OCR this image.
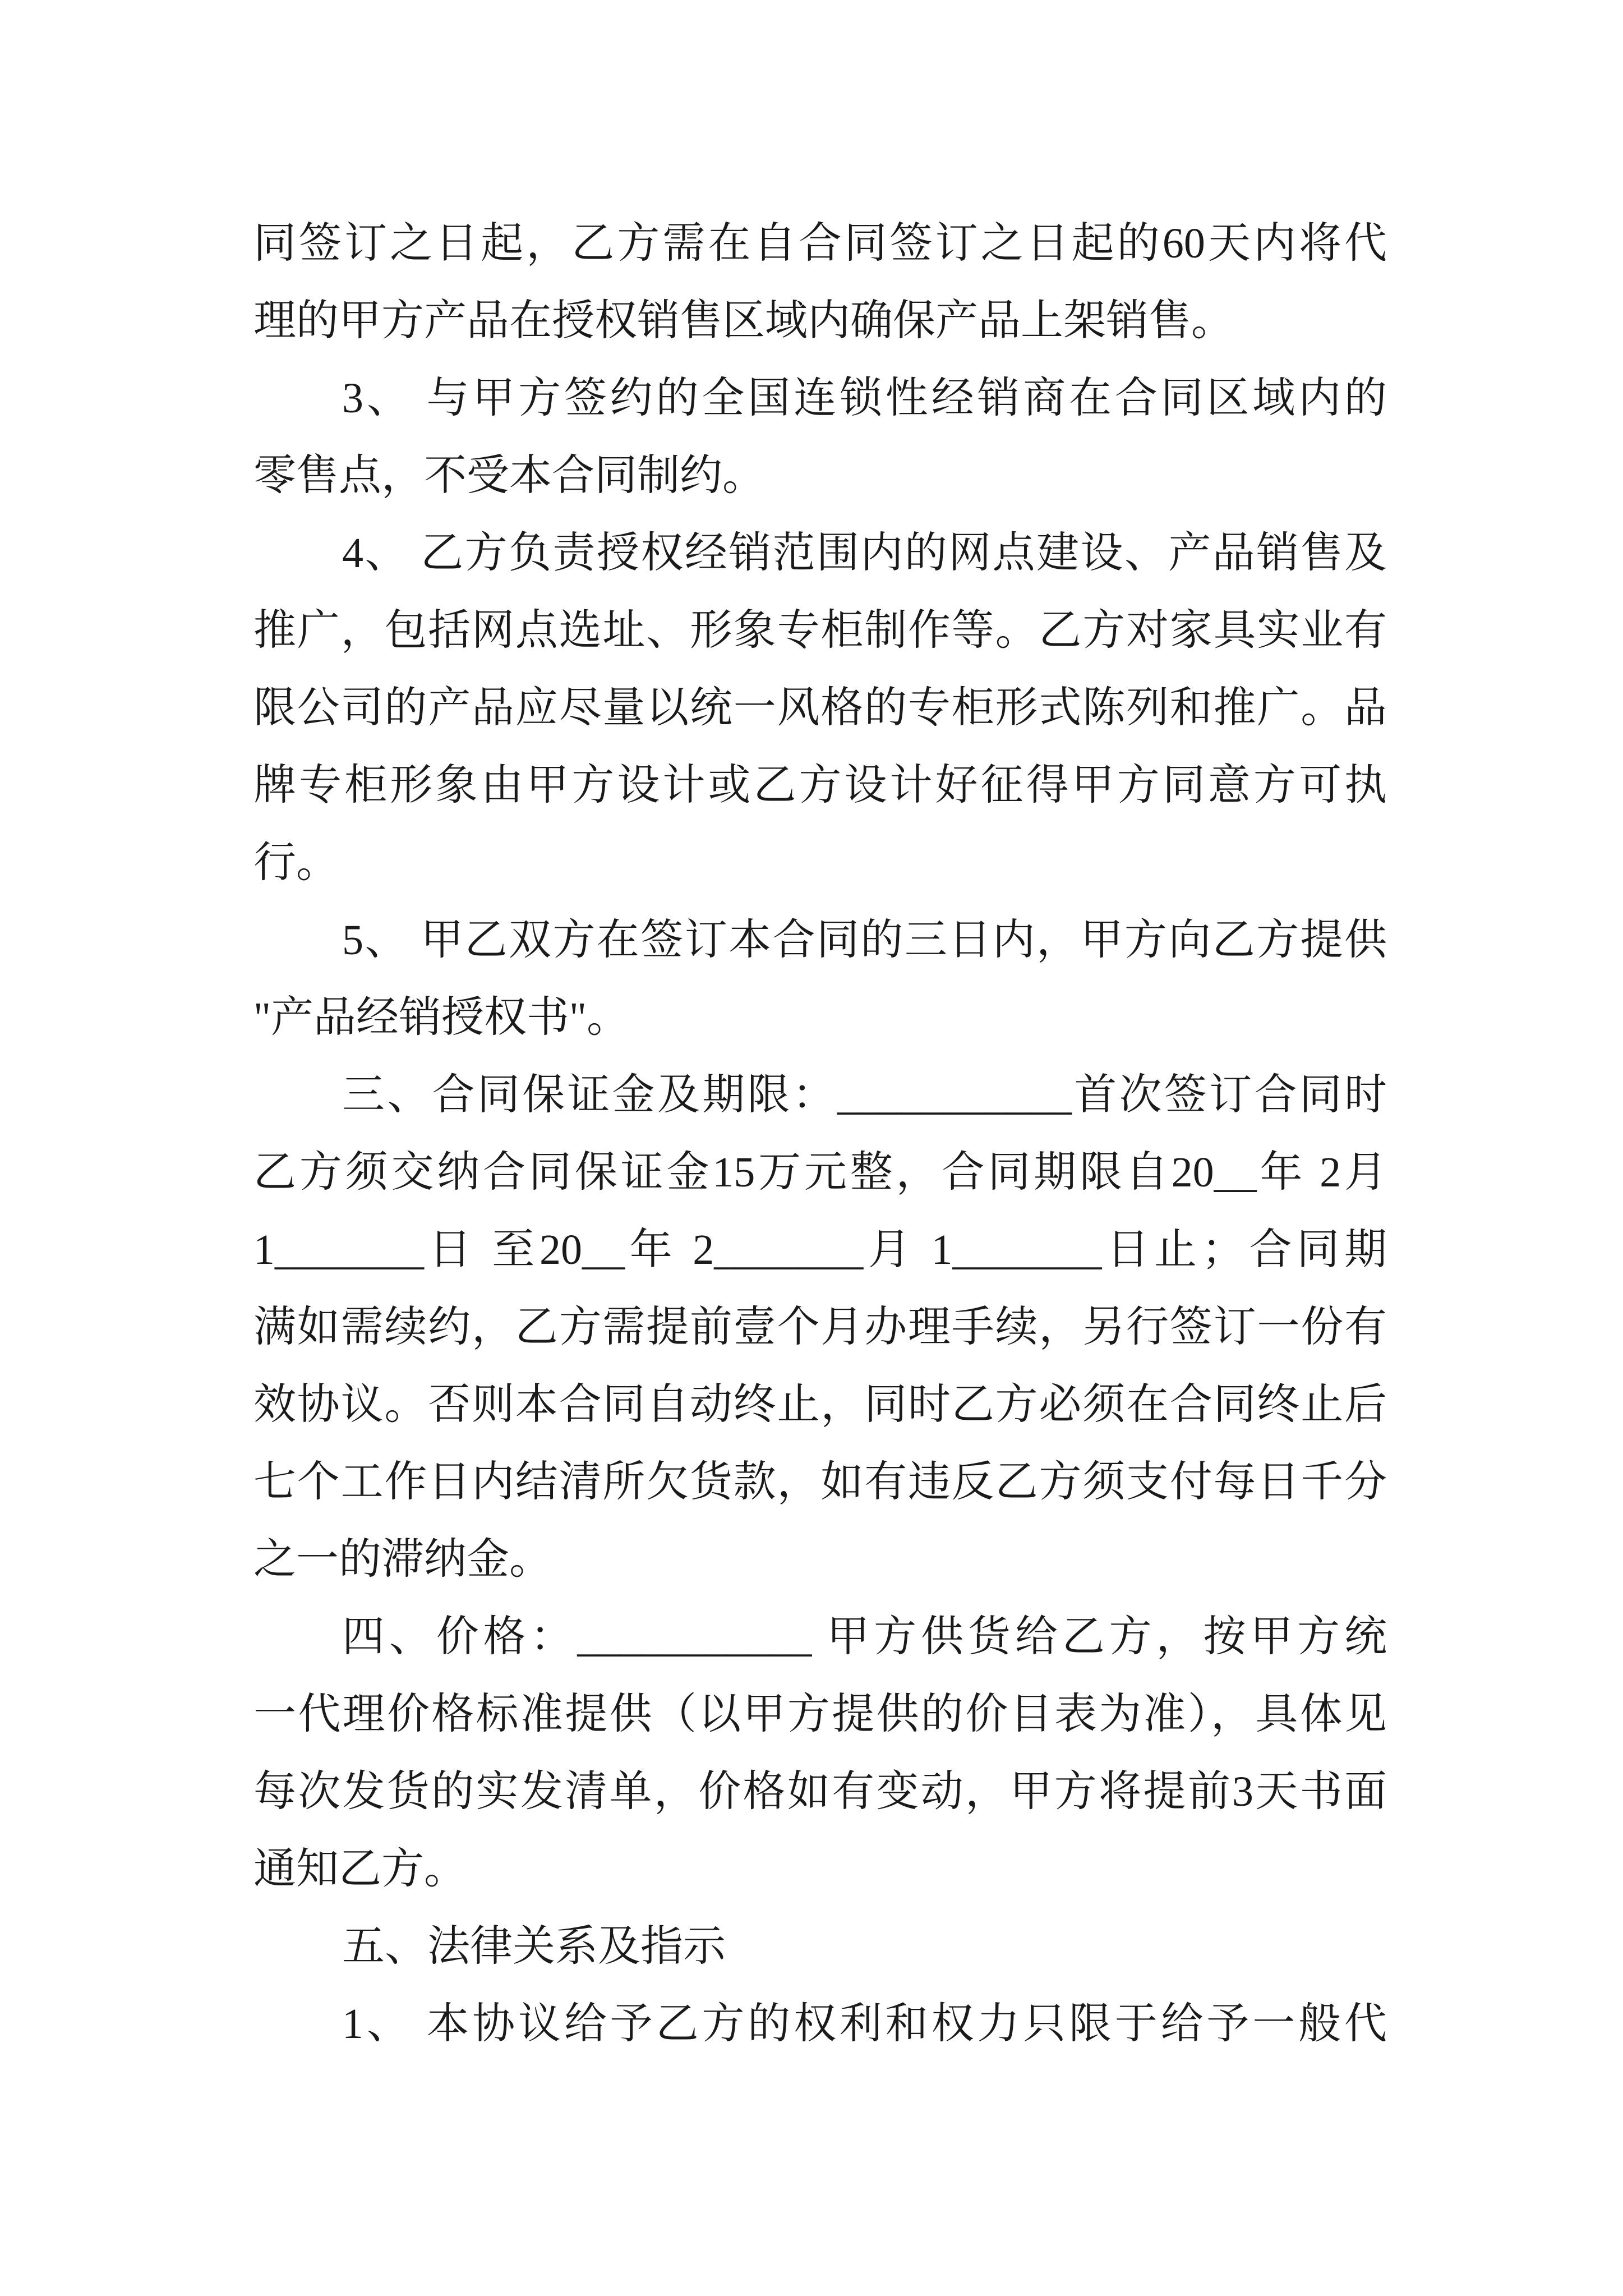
同签订之日起，乙方需在自合同签订之日起的60天内将代
理的甲方产品在授权销售区域内确保产品上架销售。
3、 与甲方签约的全国连锁性经销商在合同区域内的
零售点，不受本合同制约。
4、 乙方负责授权经销范围内的网点建设、产品销售及
推广，包括网点选址、形象专柜制作等。乙方对家具实业有
限公司的产品应尽量以统一风格的专柜形式陈列和推广。品
牌专柜形象由甲方设计或乙方设计好征得甲方同意方可执
行。
5、 甲乙双方在签订本合同的三日内，甲方向乙方提供
"产品经销授权书"。
三、合同保证金及期限：___________首次签订合同时
乙方须交纳合同保证金15万元整，合同期限自20__年 2月
1_______日 至20__年 2_______月 1_______日止；合同期
满如需续约，乙方需提前壹个月办理手续，另行签订一份有
效协议。否则本合同自动终止，同时乙方必须在合同终止后
七个工作日内结清所欠货款，如有违反乙方须支付每日千分
之一的滞纳金。
四、价格：___________ 甲方供货给乙方，按甲方统
一代理价格标准提供（以甲方提供的价目表为准），具体见
每次发货的实发清单，价格如有变动，甲方将提前3天书面
通知乙方。
五、法律关系及指示
1、 本协议给予乙方的权利和权力只限于给予一般代
